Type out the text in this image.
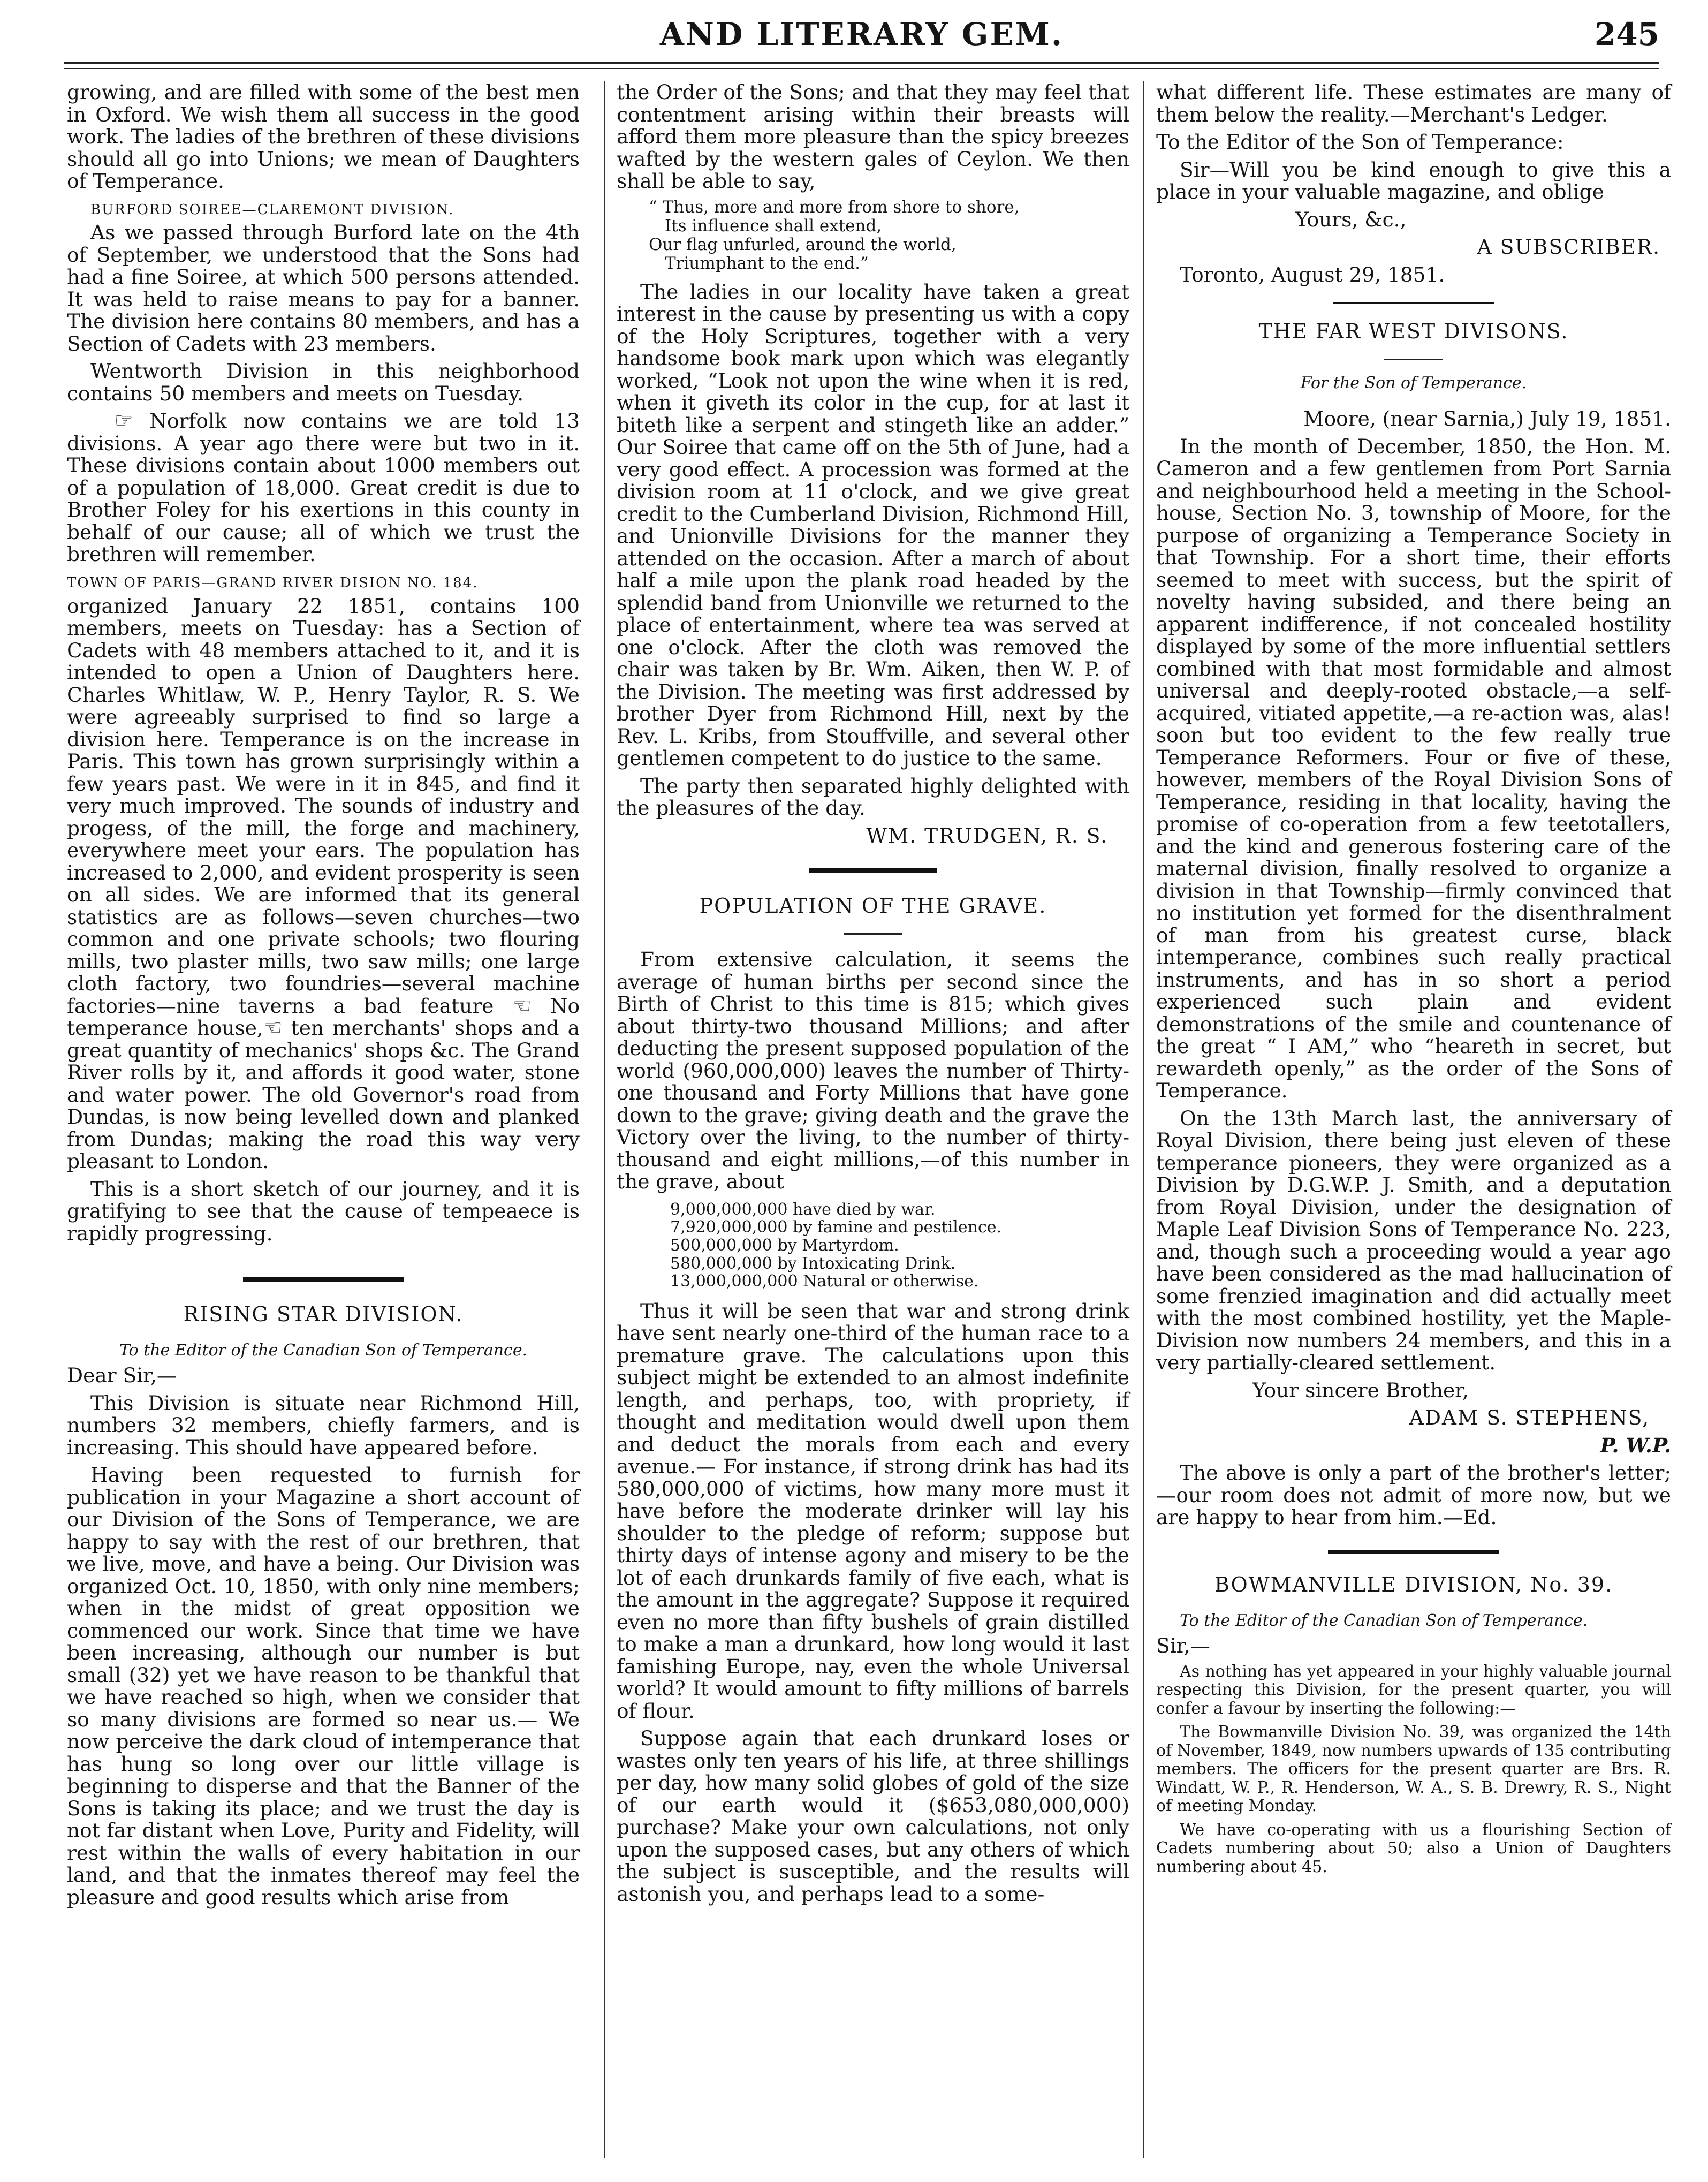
AND LITERARY GEM.	245

growing, and are filled with some of the best men in Oxford. We wish them all success in the good work. The ladies of the brethren of these divisions should all go into Unions; we mean of Daughters of Temperance.

BURFORD SOIREE—CLAREMONT DIVISION.

As we passed through Burford late on the 4th of September, we understood that the Sons had had a fine Soiree, at which 500 persons attended. It was held to raise means to pay for a banner. The division here contains 80 members, and has a Section of Cadets with 23 members.

Wentworth Division in this neighborhood contains 50 members and meets on Tuesday.

☞ Norfolk now contains we are told 13 divisions. A year ago there were but two in it. These divisions contain about 1000 members out of a population of 18,000. Great credit is due to Brother Foley for his exertions in this county in behalf of our cause; all of which we trust the brethren will remember.

TOWN OF PARIS—GRAND RIVER DISION NO. 184.

organized January 22 1851, contains 100 members, meets on Tuesday: has a Section of Cadets with 48 members attached to it, and it is intended to open a Union of Daughters here. Charles Whitlaw, W. P., Henry Taylor, R. S. We were agreeably surprised to find so large a division here. Temperance is on the increase in Paris. This town has grown surprisingly within a few years past. We were in it in 845, and find it very much improved. The sounds of industry and progess, of the mill, the forge and machinery, everywhere meet your ears. The population has increased to 2,000, and evident prosperity is seen on all sides. We are informed that its general statistics are as follows—seven churches—two common and one private schools; two flouring mills, two plaster mills, two saw mills; one large cloth factory, two foundries—several machine factories—nine taverns a bad feature ☜ No temperance house,☜ ten merchants' shops and a great quantity of mechanics' shops &c. The Grand River rolls by it, and affords it good water, stone and water power. The old Governor's road from Dundas, is now being levelled down and planked from Dundas; making the road this way very pleasant to London.

This is a short sketch of our journey, and it is gratifying to see that the cause of tempeaece is rapidly progressing.

RISING STAR DIVISION.
To the Editor of the Canadian Son of Temperance.

Dear Sir,—

This Division is situate near Richmond Hill, numbers 32 members, chiefly farmers, and is increasing. This should have appeared before.

Having been requested to furnish for publication in your Magazine a short account of our Division of the Sons of Temperance, we are happy to say with the rest of our brethren, that we live, move, and have a being. Our Division was organized Oct. 10, 1850, with only nine members; when in the midst of great opposition we commenced our work. Since that time we have been increasing, although our number is but small (32) yet we have reason to be thankful that we have reached so high, when we consider that so many divisions are formed so near us.— We now perceive the dark cloud of intemperance that has hung so long over our little village is beginning to disperse and that the Banner of the Sons is taking its place; and we trust the day is not far distant when Love, Purity and Fidelity, will rest within the walls of every habitation in our land, and that the inmates thereof may feel the pleasure and good results which arise from

the Order of the Sons; and that they may feel that contentment arising within their breasts will afford them more pleasure than the spicy breezes wafted by the western gales of Ceylon. We then shall be able to say,

“ Thus, more and more from shore to shore,
Its influence shall extend,
Our flag unfurled, around the world,
Triumphant to the end.”

The ladies in our locality have taken a great interest in the cause by presenting us with a copy of the Holy Scriptures, together with a very handsome book mark upon which was elegantly worked, “Look not upon the wine when it is red, when it giveth its color in the cup, for at last it biteth like a serpent and stingeth like an adder.” Our Soiree that came off on the 5th of June, had a very good effect. A procession was formed at the division room at 11 o'clock, and we give great credit to the Cumberland Division, Richmond Hill, and Unionville Divisions for the manner they attended on the occasion. After a march of about half a mile upon the plank road headed by the splendid band from Unionville we returned to the place of entertainment, where tea was served at one o'clock. After the cloth was removed the chair was taken by Br. Wm. Aiken, then W. P. of the Division. The meeting was first addressed by brother Dyer from Richmond Hill, next by the Rev. L. Kribs, from Stouffville, and several other gentlemen competent to do justice to the same.

The party then separated highly delighted with the pleasures of the day.

WM. TRUDGEN, R. S.

POPULATION OF THE GRAVE.

From extensive calculation, it seems the average of human births per second since the Birth of Christ to this time is 815; which gives about thirty-two thousand Millions; and after deducting the present supposed population of the world (960,000,000) leaves the number of Thirty-one thousand and Forty Millions that have gone down to the grave; giving death and the grave the Victory over the living, to the number of thirty-thousand and eight millions,—of this number in the grave, about

9,000,000,000 have died by war.
7,920,000,000 by famine and pestilence.
500,000,000 by Martyrdom.
580,000,000 by Intoxicating Drink.
13,000,000,000 Natural or otherwise.

Thus it will be seen that war and strong drink have sent nearly one-third of the human race to a premature grave. The calculations upon this subject might be extended to an almost indefinite length, and perhaps, too, with propriety, if thought and meditation would dwell upon them and deduct the morals from each and every avenue.— For instance, if strong drink has had its 580,000,000 of victims, how many more must it have before the moderate drinker will lay his shoulder to the pledge of reform; suppose but thirty days of intense agony and misery to be the lot of each drunkards family of five each, what is the amount in the aggregate? Suppose it required even no more than fifty bushels of grain distilled to make a man a drunkard, how long would it last famishing Europe, nay, even the whole Universal world? It would amount to fifty millions of barrels of flour.

Suppose again that each drunkard loses or wastes only ten years of his life, at three shillings per day, how many solid globes of gold of the size of our earth would it ($653,080,000,000) purchase? Make your own calculations, not only upon the supposed cases, but any others of which the subject is susceptible, and the results will astonish you, and perhaps lead to a some-

what different life. These estimates are many of them below the reality.—Merchant's Ledger.

To the Editor of the Son of Temperance:

Sir—Will you be kind enough to give this a place in your valuable magazine, and oblige

Yours, &c.,

A SUBSCRIBER.

Toronto, August 29, 1851.

THE FAR WEST DIVISONS.
For the Son of Temperance.

Moore, (near Sarnia,) July 19, 1851.

In the month of December, 1850, the Hon. M. Cameron and a few gentlemen from Port Sarnia and neighbourhood held a meeting in the School-house, Section No. 3, township of Moore, for the purpose of organizing a Temperance Society in that Township. For a short time, their efforts seemed to meet with success, but the spirit of novelty having subsided, and there being an apparent indifference, if not concealed hostility displayed by some of the more influential settlers combined with that most formidable and almost universal and deeply-rooted obstacle,—a self-acquired, vitiated appetite,—a re-action was, alas! soon but too evident to the few really true Temperance Reformers. Four or five of these, however, members of the Royal Division Sons of Temperance, residing in that locality, having the promise of co-operation from a few teetotallers, and the kind and generous fostering care of the maternal division, finally resolved to organize a division in that Township—firmly convinced that no institution yet formed for the disenthralment of man from his greatest curse, black intemperance, combines such really practical instruments, and has in so short a period experienced such plain and evident demonstrations of the smile and countenance of the great “ I AM,” who “heareth in secret, but rewardeth openly,” as the order of the Sons of Temperance.

On the 13th March last, the anniversary of Royal Division, there being just eleven of these temperance pioneers, they were organized as a Division by D.G.W.P. J. Smith, and a deputation from Royal Division, under the designation of Maple Leaf Division Sons of Temperance No. 223, and, though such a proceeding would a year ago have been considered as the mad hallucination of some frenzied imagination and did actually meet with the most combined hostility, yet the Maple-Division now numbers 24 members, and this in a very partially-cleared settlement.

Your sincere Brother,

ADAM S. STEPHENS,

P. W.P.

The above is only a part of the brother's letter; —our room does not admit of more now, but we are happy to hear from him.—Ed.

BOWMANVILLE DIVISION, No. 39.
To the Editor of the Canadian Son of Temperance.

Sir,—

As nothing has yet appeared in your highly valuable journal respecting this Division, for the present quarter, you will confer a favour by inserting the following:—

The Bowmanville Division No. 39, was organized the 14th of November, 1849, now numbers upwards of 135 contributing members. The officers for the present quarter are Brs. R. Windatt, W. P., R. Henderson, W. A., S. B. Drewry, R. S., Night of meeting Monday.

We have co-operating with us a flourishing Section of Cadets numbering about 50; also a Union of Daughters numbering about 45.
